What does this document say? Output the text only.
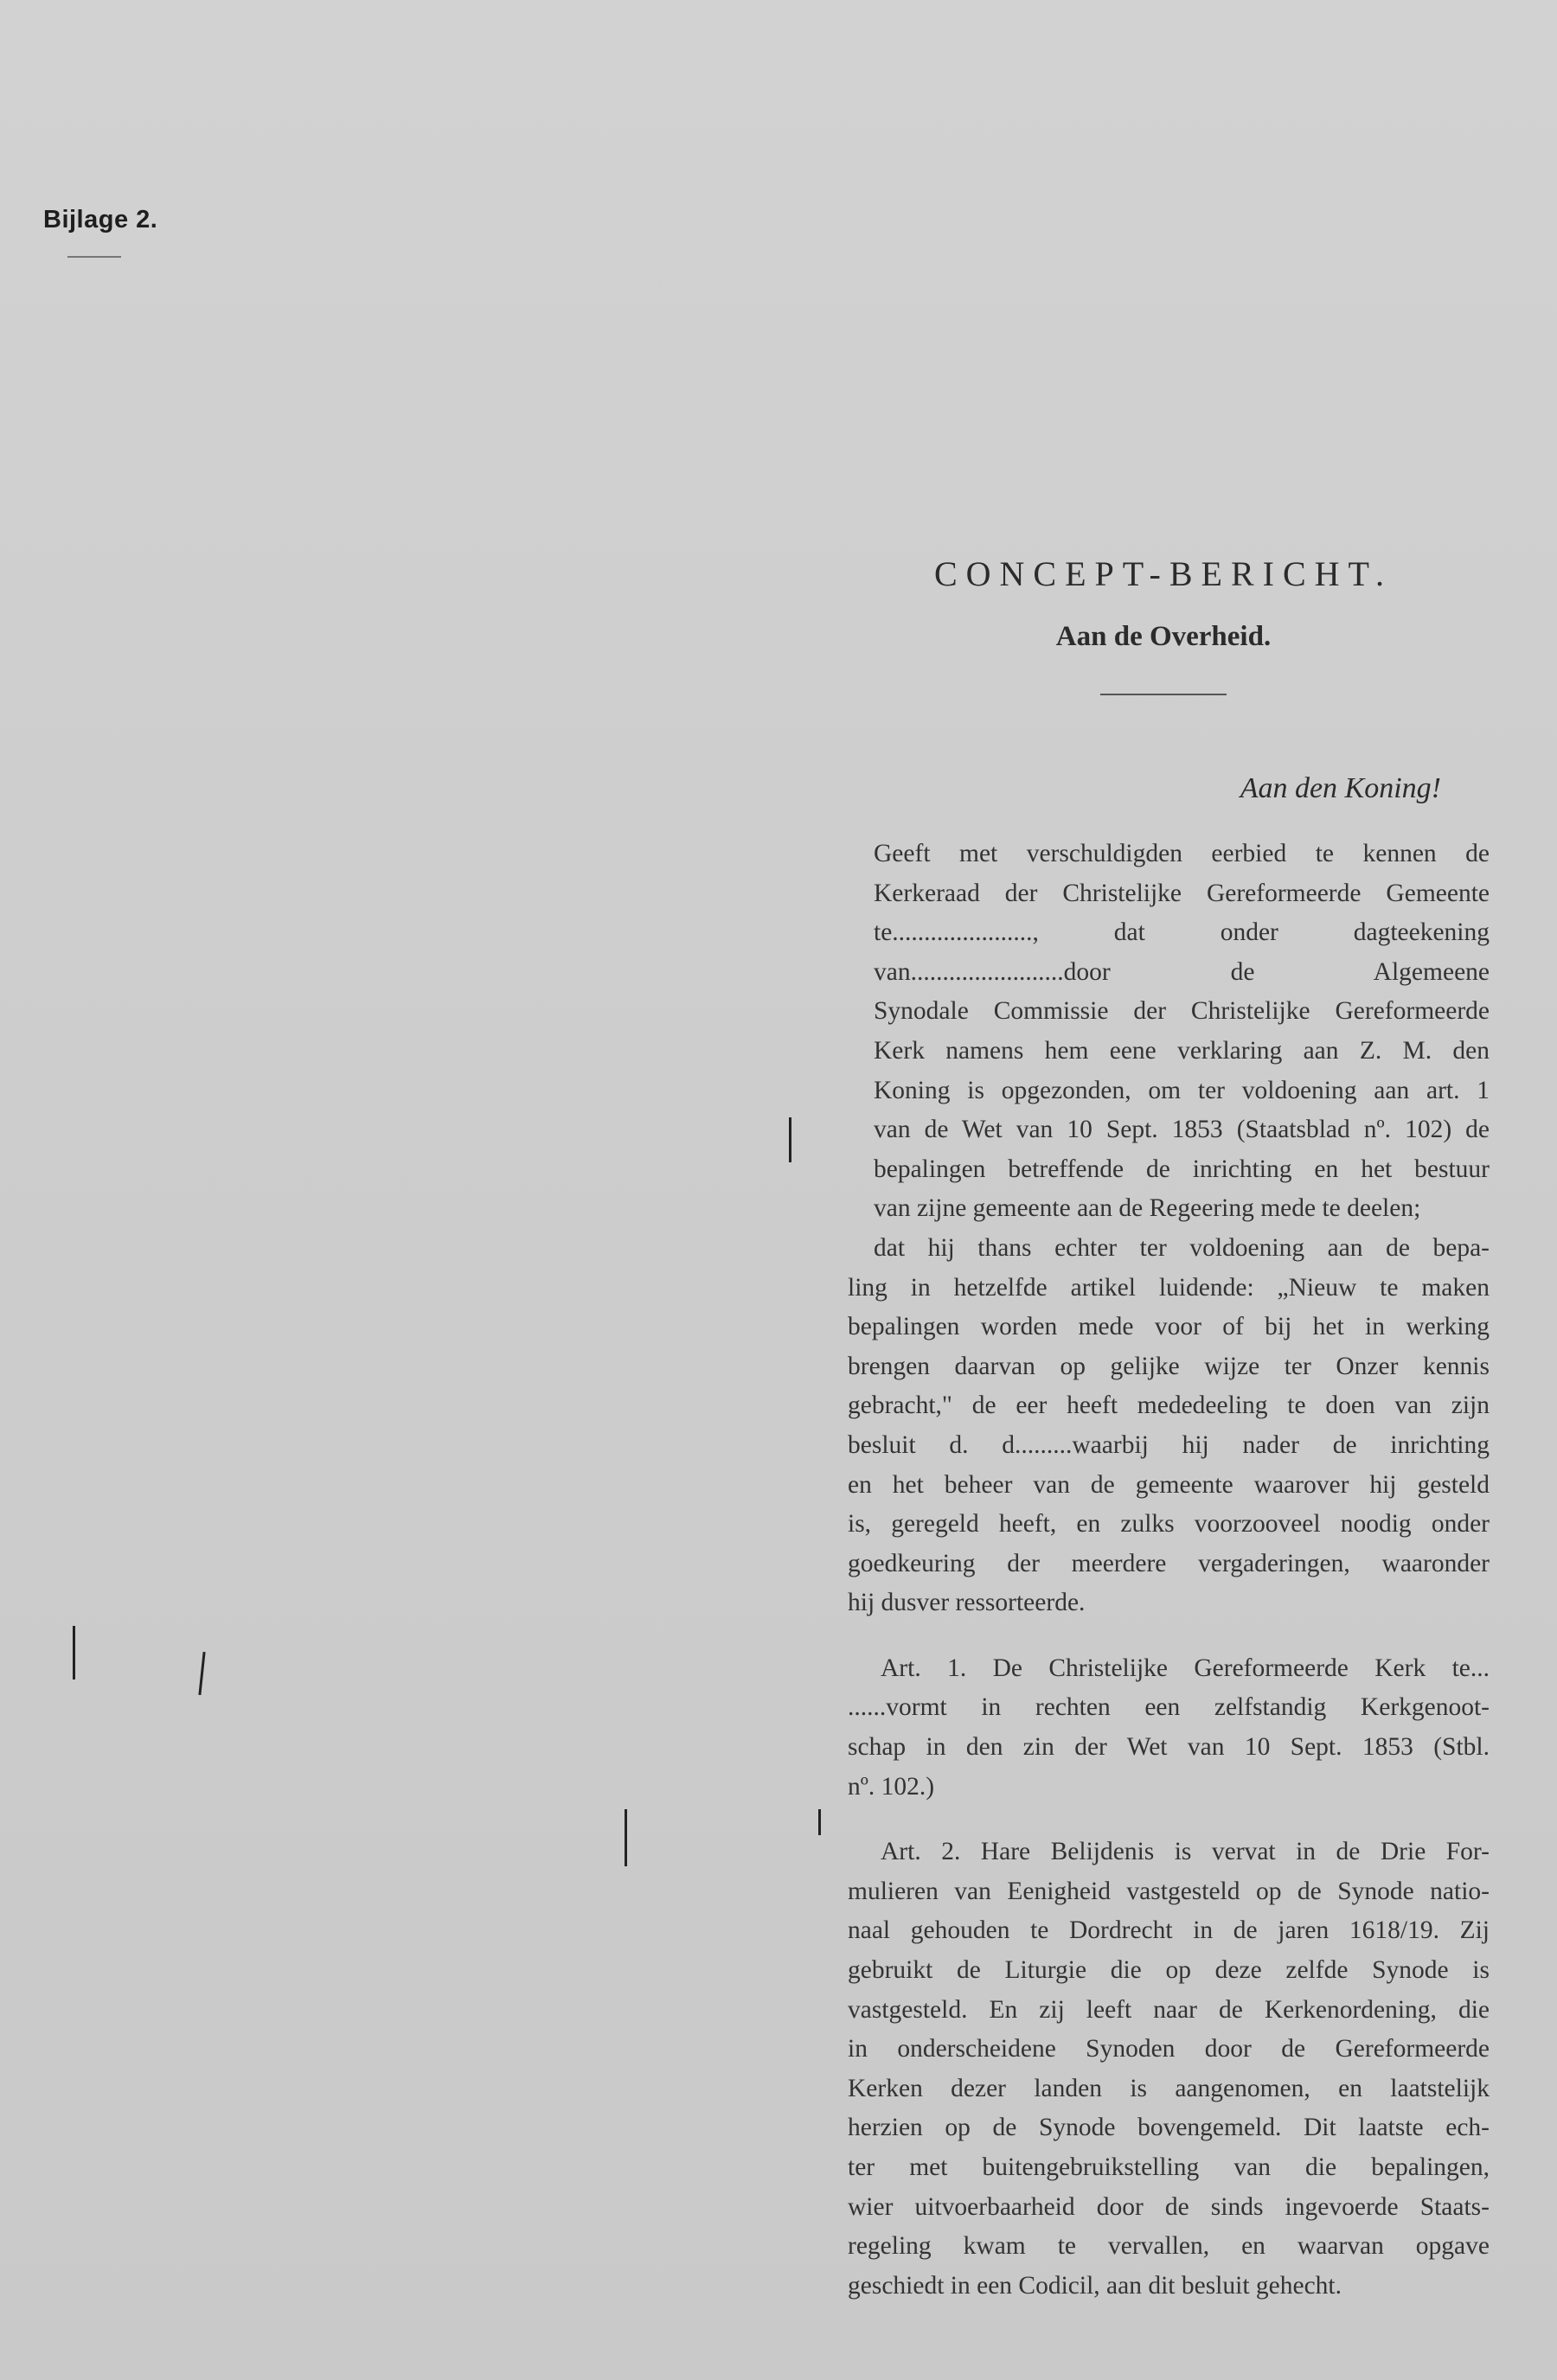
Bijlage 2.
CONCEPT-BERICHT.
Aan de Overheid.
Aan den Koning!

Geeft met verschuldigden eerbied te kennen de
Kerkeraad der Christelijke Gereformeerde Gemeente
te......................, dat onder dagteekening
van........................door de Algemeene
Synodale Commissie der Christelijke Gereformeerde
Kerk namens hem eene verklaring aan Z. M. den
Koning is opgezonden, om ter voldoening aan art. 1
van de Wet van 10 Sept. 1853 (Staatsblad nº. 102) de
bepalingen betreffende de inrichting en het bestuur
van zijne gemeente aan de Regeering mede te deelen;

dat hij thans echter ter voldoening aan de bepa-
ling in hetzelfde artikel luidende: „Nieuw te maken
bepalingen worden mede voor of bij het in werking
brengen daarvan op gelijke wijze ter Onzer kennis
gebracht," de eer heeft mededeeling te doen van zijn
besluit d. d.........waarbij hij nader de inrichting
en het beheer van de gemeente waarover hij gesteld
is, geregeld heeft, en zulks voorzooveel noodig onder
goedkeuring der meerdere vergaderingen, waaronder
hij dusver ressorteerde.

Art. 1. De Christelijke Gereformeerde Kerk te...
......vormt in rechten een zelfstandig Kerkgenoot-
schap in den zin der Wet van 10 Sept. 1853 (Stbl.
nº. 102.)

Art. 2. Hare Belijdenis is vervat in de Drie For-
mulieren van Eenigheid vastgesteld op de Synode natio-
naal gehouden te Dordrecht in de jaren 1618/19. Zij
gebruikt de Liturgie die op deze zelfde Synode is
vastgesteld. En zij leeft naar de Kerkenordening, die
in onderscheidene Synoden door de Gereformeerde
Kerken dezer landen is aangenomen, en laatstelijk
herzien op de Synode bovengemeld. Dit laatste ech-
ter met buitengebruikstelling van die bepalingen,
wier uitvoerbaarheid door de sinds ingevoerde Staats-
regeling kwam te vervallen, en waarvan opgave
geschiedt in een Codicil, aan dit besluit gehecht.
